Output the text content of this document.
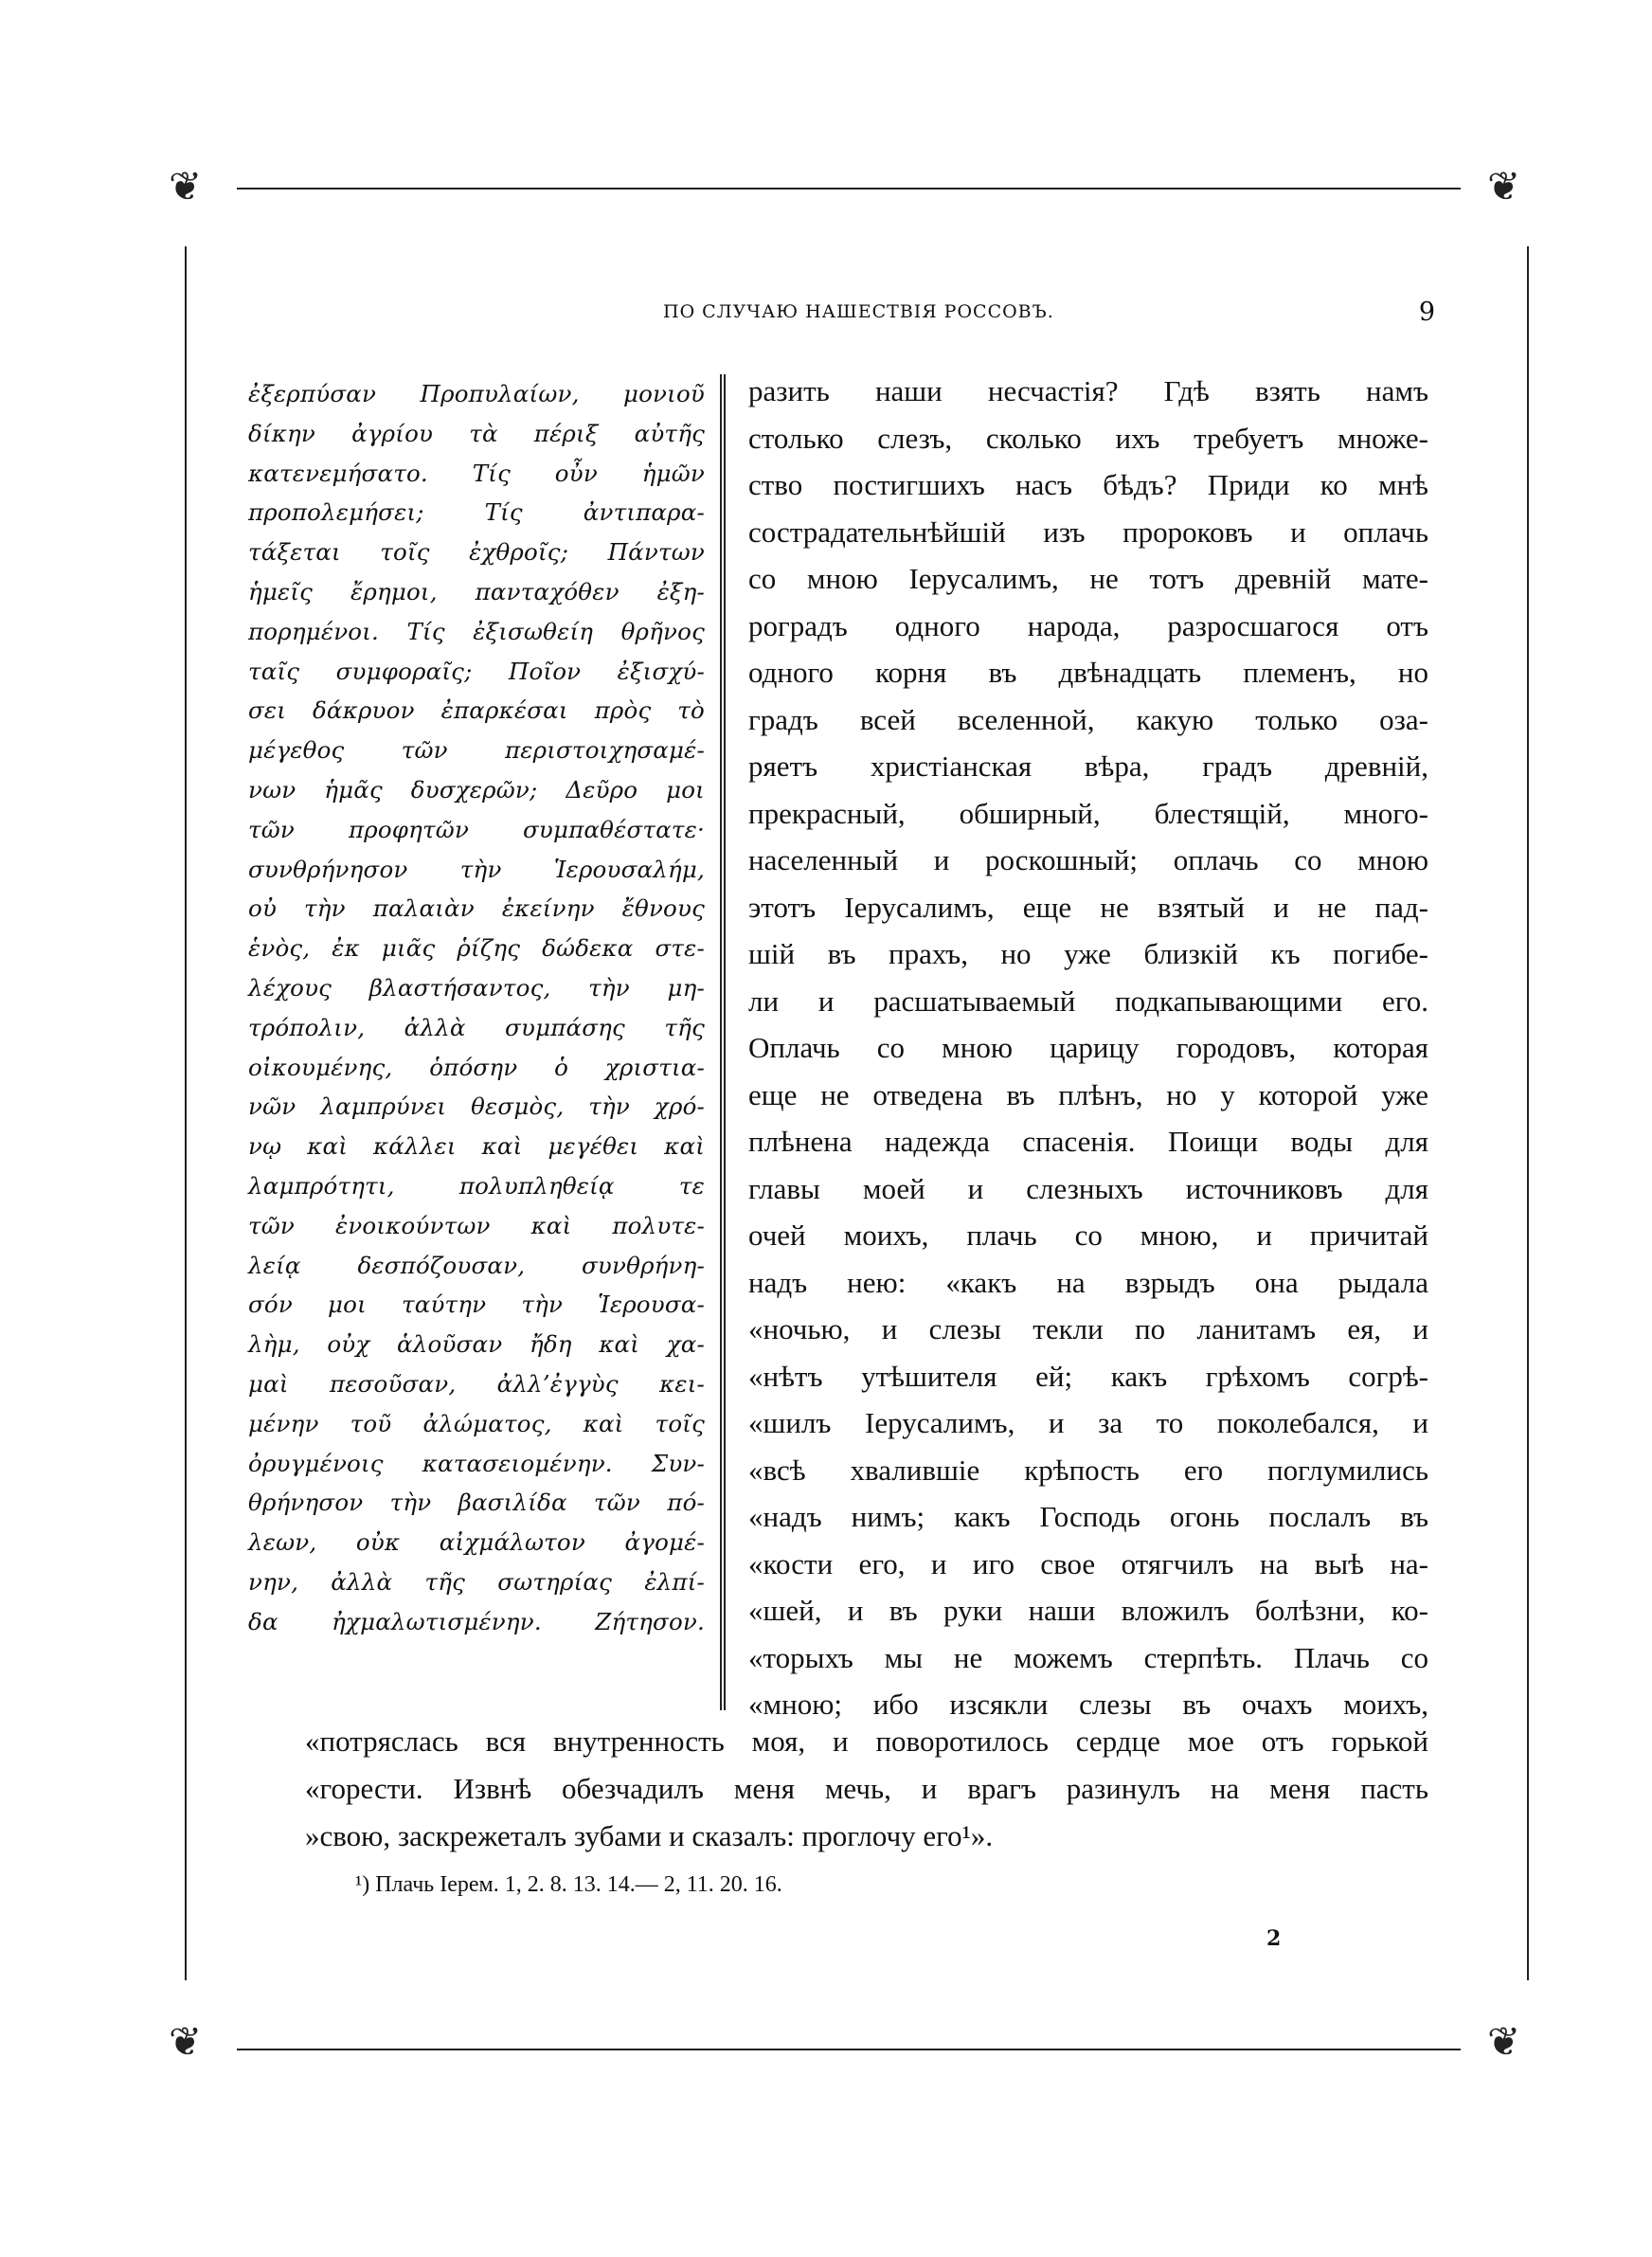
❦	❦
❦	❦
ПО СЛУЧАЮ НАШЕСТВІЯ РОССОВЪ.	9
ἐξερπύσαν Προπυλαίων, μονιοῦ
δίκην ἀγρίου τὰ πέριξ αὐτῆς
κατενεμήσατο. Τίς οὖν ἡμῶν
προπολεμήσει; Τίς ἀντιπαρα-
τάξεται τοῖς ἐχθροῖς; Πάντων
ἡμεῖς ἔρημοι, πανταχόθεν ἐξη-
πορημένοι. Τίς ἐξισωθείη θρῆνος
ταῖς συμφοραῖς; Ποῖον ἐξισχύ-
σει δάκρυον ἐπαρκέσαι πρὸς τὸ
μέγεθος τῶν περιστοιχησαμέ-
νων ἡμᾶς δυσχερῶν; Δεῦρο μοι
τῶν προφητῶν συμπαθέστατε·
συνθρήνησον τὴν Ἱερουσαλήμ,
οὐ τὴν παλαιὰν ἐκείνην ἔθνους
ἑνὸς, ἐκ μιᾶς ῥίζης δώδεκα στε-
λέχους βλαστήσαντος, τὴν μη-
τρόπολιν, ἀλλὰ συμπάσης τῆς
οἰκουμένης, ὁπόσην ὁ χριστια-
νῶν λαμπρύνει θεσμὸς, τὴν χρό-
νῳ καὶ κάλλει καὶ μεγέθει καὶ
λαμπρότητι, πολυπληθείᾳ τε
τῶν ἐνοικούντων καὶ πολυτε-
λείᾳ δεσπόζουσαν, συνθρήνη-
σόν μοι ταύτην τὴν Ἱερουσα-
λὴμ, οὐχ ἁλοῦσαν ἤδη καὶ χα-
μαὶ πεσοῦσαν, ἀλλ’ἐγγὺς κει-
μένην τοῦ ἀλώματος, καὶ τοῖς
ὀρυγμένοις κατασειομένην. Συν-
θρήνησον τὴν βασιλίδα τῶν πό-
λεων, οὐκ αἰχμάλωτον ἀγομέ-
νην, ἀλλὰ τῆς σωτηρίας ἐλπί-
δα ἠχμαλωτισμένην. Ζήτησον.
разить наши несчастія? Гдѣ взять намъ
столько слезъ, сколько ихъ требуетъ множе-
ство постигшихъ насъ бѣдъ? Приди ко мнѣ
сострадательнѣйшій изъ пророковъ и оплачь
со мною Іерусалимъ, не тотъ древній мате-
роградъ одного народа, разросшагося отъ
одного корня въ двѣнадцать племенъ, но
градъ всей вселенной, какую только оза-
ряетъ христіанская вѣра, градъ древній,
прекрасный, обширный, блестящій, много-
населенный и роскошный; оплачь со мною
этотъ Іерусалимъ, еще не взятый и не пад-
шій въ прахъ, но уже близкій къ погибе-
ли и расшатываемый подкапывающими его.
Оплачь со мною царицу городовъ, которая
еще не отведена въ плѣнъ, но у которой уже
плѣнена надежда спасенія. Поищи воды для
главы моей и слезныхъ источниковъ для
очей моихъ, плачь со мною, и причитай
надъ нею: «какъ на взрыдъ она рыдала
«ночью, и слезы текли по ланитамъ ея, и
«нѣтъ утѣшителя ей; какъ грѣхомъ согрѣ-
«шилъ Іерусалимъ, и за то поколебался, и
«всѣ хвалившіе крѣпость его поглумились
«надъ нимъ; какъ Господь огонь послалъ въ
«кости его, и иго свое отягчилъ на выѣ на-
«шей, и въ руки наши вложилъ болѣзни, ко-
«торыхъ мы не можемъ стерпѣть. Плачь со
«мною; ибо изсякли слезы въ очахъ моихъ,
«потряслась вся внутренность моя, и поворотилось сердце мое отъ горькой
«горести. Извнѣ обезчадилъ меня мечь, и врагъ разинулъ на меня пасть
»свою, заскрежеталъ зубами и сказалъ: проглочу его¹».
¹) Плачь Iерем. 1, 2. 8. 13. 14.— 2, 11. 20. 16.
2
